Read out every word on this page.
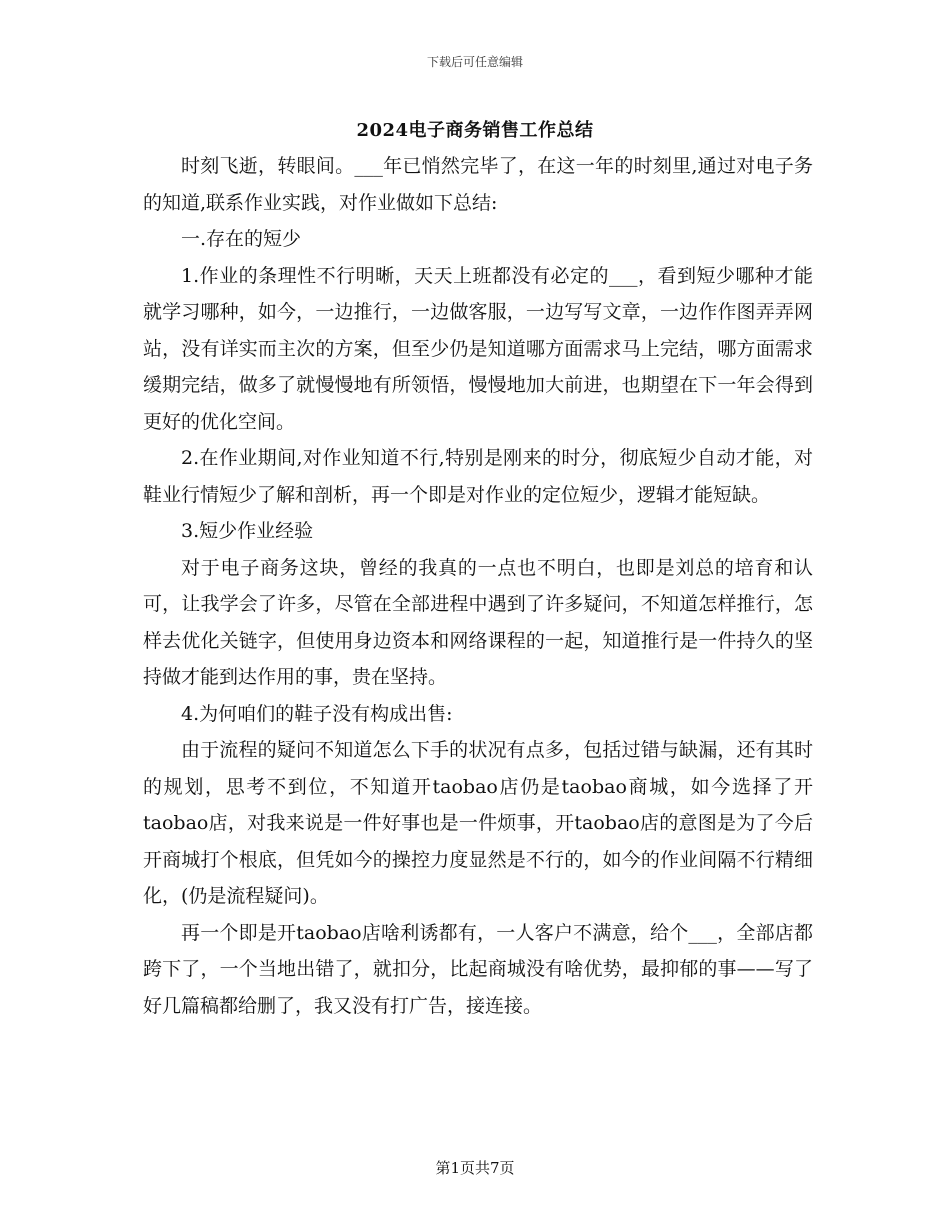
下载后可任意编辑
2024电子商务销售工作总结

时刻飞逝，转眼间。___年已悄然完毕了，在这一年的时刻里,通过对电子务的知道,联系作业实践，对作业做如下总结:

一.存在的短少

1.作业的条理性不行明晰，天天上班都没有必定的___，看到短少哪种才能就学习哪种，如今，一边推行，一边做客服，一边写写文章，一边作作图弄弄网站，没有详实而主次的方案，但至少仍是知道哪方面需求马上完结，哪方面需求缓期完结，做多了就慢慢地有所领悟，慢慢地加大前进，也期望在下一年会得到更好的优化空间。

2.在作业期间,对作业知道不行,特别是刚来的时分，彻底短少自动才能，对鞋业行情短少了解和剖析，再一个即是对作业的定位短少，逻辑才能短缺。

3.短少作业经验

对于电子商务这块，曾经的我真的一点也不明白，也即是刘总的培育和认可，让我学会了许多，尽管在全部进程中遇到了许多疑问，不知道怎样推行，怎样去优化关链字，但使用身边资本和网络课程的一起，知道推行是一件持久的坚持做才能到达作用的事，贵在坚持。

4.为何咱们的鞋子没有构成出售:

由于流程的疑问不知道怎么下手的状况有点多，包括过错与缺漏，还有其时的规划，思考不到位，不知道开taobao店仍是taobao商城，如今选择了开taobao店，对我来说是一件好事也是一件烦事，开taobao店的意图是为了今后开商城打个根底，但凭如今的操控力度显然是不行的，如今的作业间隔不行精细化，(仍是流程疑问)。

再一个即是开taobao店啥利诱都有，一人客户不满意，给个___，全部店都跨下了，一个当地出错了，就扣分，比起商城没有啥优势，最抑郁的事——写了好几篇稿都给删了，我又没有打广告，接连接。

第1页共7页
